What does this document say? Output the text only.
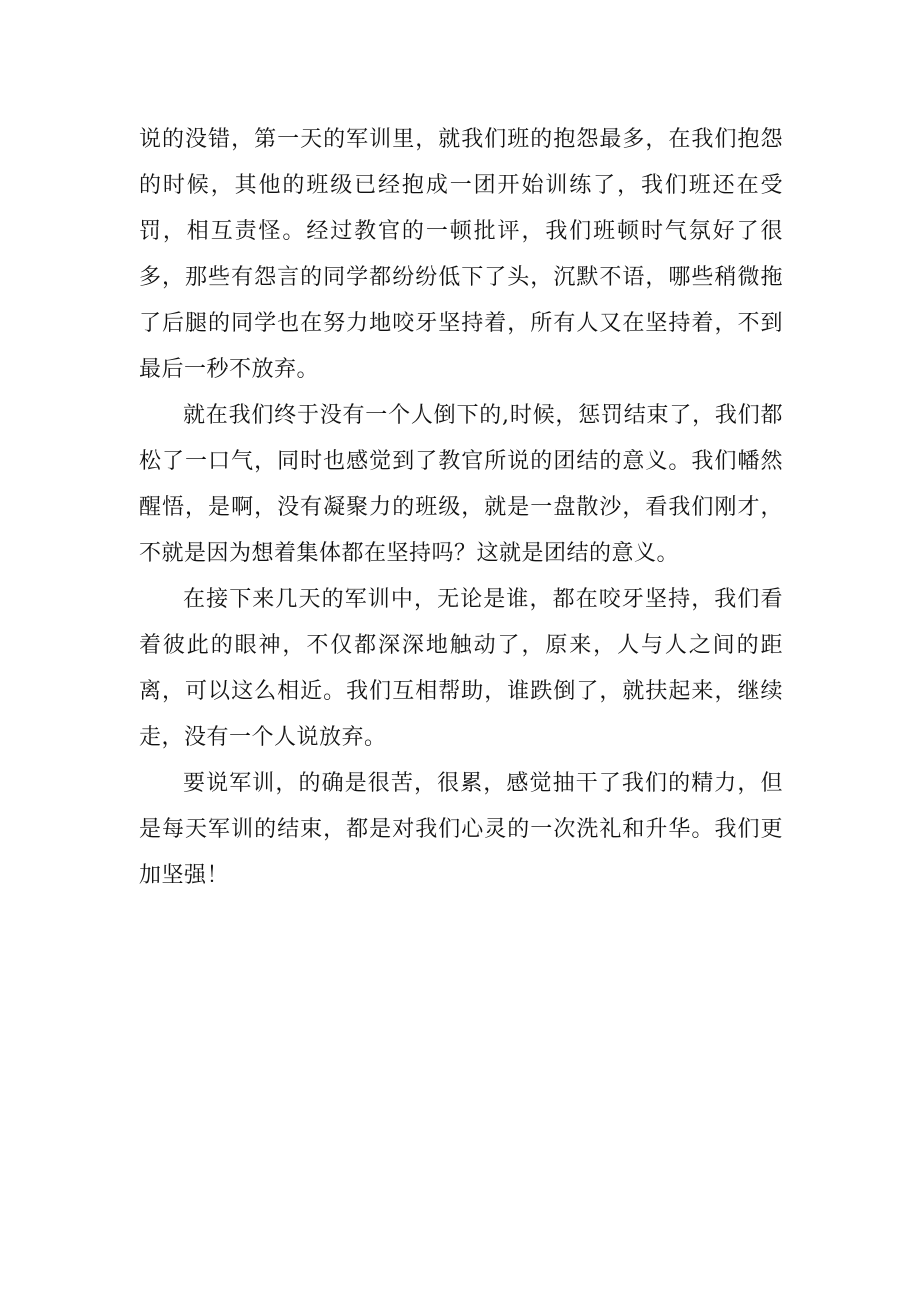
说的没错，第一天的军训里，就我们班的抱怨最多，在我们抱怨的时候，其他的班级已经抱成一团开始训练了，我们班还在受罚，相互责怪。经过教官的一顿批评，我们班顿时气氛好了很多，那些有怨言的同学都纷纷低下了头，沉默不语，哪些稍微拖了后腿的同学也在努力地咬牙坚持着，所有人又在坚持着，不到最后一秒不放弃。

就在我们终于没有一个人倒下的,时候，惩罚结束了，我们都松了一口气，同时也感觉到了教官所说的团结的意义。我们幡然醒悟，是啊，没有凝聚力的班级，就是一盘散沙，看我们刚才，不就是因为想着集体都在坚持吗？这就是团结的意义。

在接下来几天的军训中，无论是谁，都在咬牙坚持，我们看着彼此的眼神，不仅都深深地触动了，原来，人与人之间的距离，可以这么相近。我们互相帮助，谁跌倒了，就扶起来，继续走，没有一个人说放弃。

要说军训，的确是很苦，很累，感觉抽干了我们的精力，但是每天军训的结束，都是对我们心灵的一次洗礼和升华。我们更加坚强！
